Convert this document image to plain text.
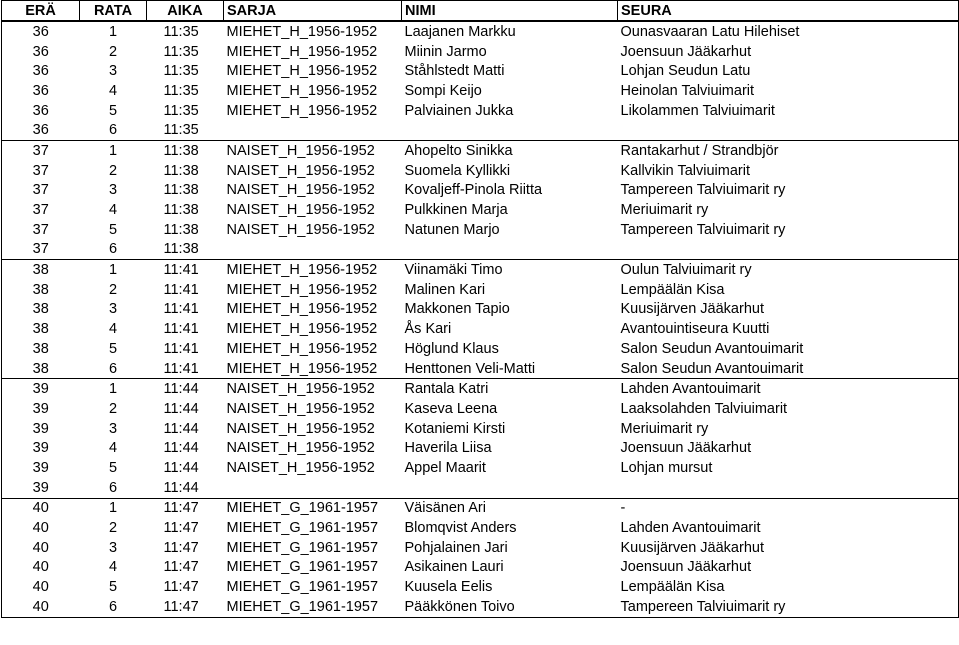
ERÄ	RATA	AIKA	SARJA	NIMI	SEURA
36	1	11:35	MIEHET_H_1956-1952	Laajanen Markku	Ounasvaaran Latu Hilehiset
36	2	11:35	MIEHET_H_1956-1952	Miinin Jarmo	Joensuun Jääkarhut
36	3	11:35	MIEHET_H_1956-1952	Ståhlstedt Matti	Lohjan Seudun Latu
36	4	11:35	MIEHET_H_1956-1952	Sompi Keijo	Heinolan Talviuimarit
36	5	11:35	MIEHET_H_1956-1952	Palviainen Jukka	Likolammen Talviuimarit
36	6	11:35			
37	1	11:38	NAISET_H_1956-1952	Ahopelto Sinikka	Rantakarhut / Strandbjör
37	2	11:38	NAISET_H_1956-1952	Suomela Kyllikki	Kallvikin Talviuimarit
37	3	11:38	NAISET_H_1956-1952	Kovaljeff-Pinola Riitta	Tampereen Talviuimarit ry
37	4	11:38	NAISET_H_1956-1952	Pulkkinen Marja	Meriuimarit ry
37	5	11:38	NAISET_H_1956-1952	Natunen Marjo	Tampereen Talviuimarit ry
37	6	11:38			
38	1	11:41	MIEHET_H_1956-1952	Viinamäki Timo	Oulun Talviuimarit ry
38	2	11:41	MIEHET_H_1956-1952	Malinen Kari	Lempäälän Kisa
38	3	11:41	MIEHET_H_1956-1952	Makkonen Tapio	Kuusijärven Jääkarhut
38	4	11:41	MIEHET_H_1956-1952	Ås Kari	Avantouintiseura Kuutti
38	5	11:41	MIEHET_H_1956-1952	Höglund Klaus	Salon Seudun Avantouimarit
38	6	11:41	MIEHET_H_1956-1952	Henttonen Veli-Matti	Salon Seudun Avantouimarit
39	1	11:44	NAISET_H_1956-1952	Rantala Katri	Lahden Avantouimarit
39	2	11:44	NAISET_H_1956-1952	Kaseva Leena	Laaksolahden Talviuimarit
39	3	11:44	NAISET_H_1956-1952	Kotaniemi Kirsti	Meriuimarit ry
39	4	11:44	NAISET_H_1956-1952	Haverila Liisa	Joensuun Jääkarhut
39	5	11:44	NAISET_H_1956-1952	Appel Maarit	Lohjan mursut
39	6	11:44			
40	1	11:47	MIEHET_G_1961-1957	Väisänen Ari	-
40	2	11:47	MIEHET_G_1961-1957	Blomqvist Anders	Lahden Avantouimarit
40	3	11:47	MIEHET_G_1961-1957	Pohjalainen Jari	Kuusijärven Jääkarhut
40	4	11:47	MIEHET_G_1961-1957	Asikainen Lauri	Joensuun Jääkarhut
40	5	11:47	MIEHET_G_1961-1957	Kuusela Eelis	Lempäälän Kisa
40	6	11:47	MIEHET_G_1961-1957	Pääkkönen Toivo	Tampereen Talviuimarit ry
